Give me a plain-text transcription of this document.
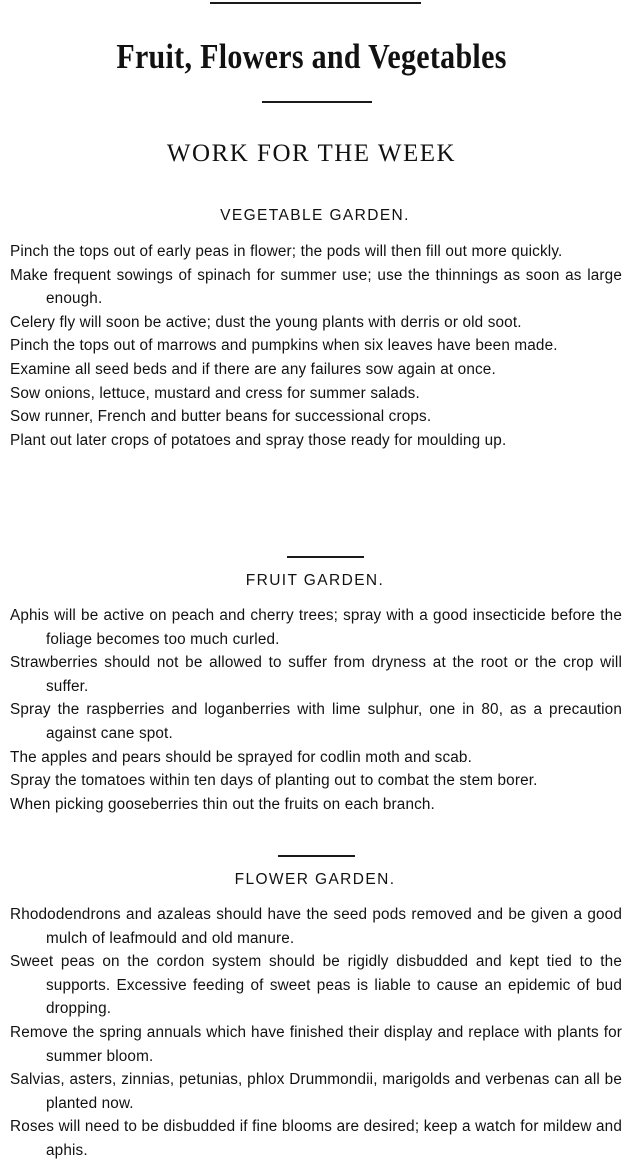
Fruit, Flowers and Vegetables
WORK FOR THE WEEK
VEGETABLE GARDEN.
Pinch the tops out of early peas in flower; the pods will then fill out more quickly.
Make frequent sowings of spinach for summer use; use the thinnings as soon as large enough.
Celery fly will soon be active; dust the young plants with derris or old soot.
Pinch the tops out of marrows and pumpkins when six leaves have been made.
Examine all seed beds and if there are any failures sow again at once.
Sow onions, lettuce, mustard and cress for summer salads.
Sow runner, French and butter beans for successional crops.
Plant out later crops of potatoes and spray those ready for moulding up.
FRUIT GARDEN.
Aphis will be active on peach and cherry trees; spray with a good insecticide before the foliage becomes too much curled.
Strawberries should not be allowed to suffer from dryness at the root or the crop will suffer.
Spray the raspberries and loganberries with lime sulphur, one in 80, as a precaution against cane spot.
The apples and pears should be sprayed for codlin moth and scab.
Spray the tomatoes within ten days of planting out to combat the stem borer.
When picking gooseberries thin out the fruits on each branch.
FLOWER GARDEN.
Rhododendrons and azaleas should have the seed pods removed and be given a good mulch of leafmould and old manure.
Sweet peas on the cordon system should be rigidly disbudded and kept tied to the supports. Excessive feeding of sweet peas is liable to cause an epidemic of bud dropping.
Remove the spring annuals which have finished their display and replace with plants for summer bloom.
Salvias, asters, zinnias, petunias, phlox Drummondii, marigolds and verbenas can all be planted now.
Roses will need to be disbudded if fine blooms are desired; keep a watch for mildew and aphis.
